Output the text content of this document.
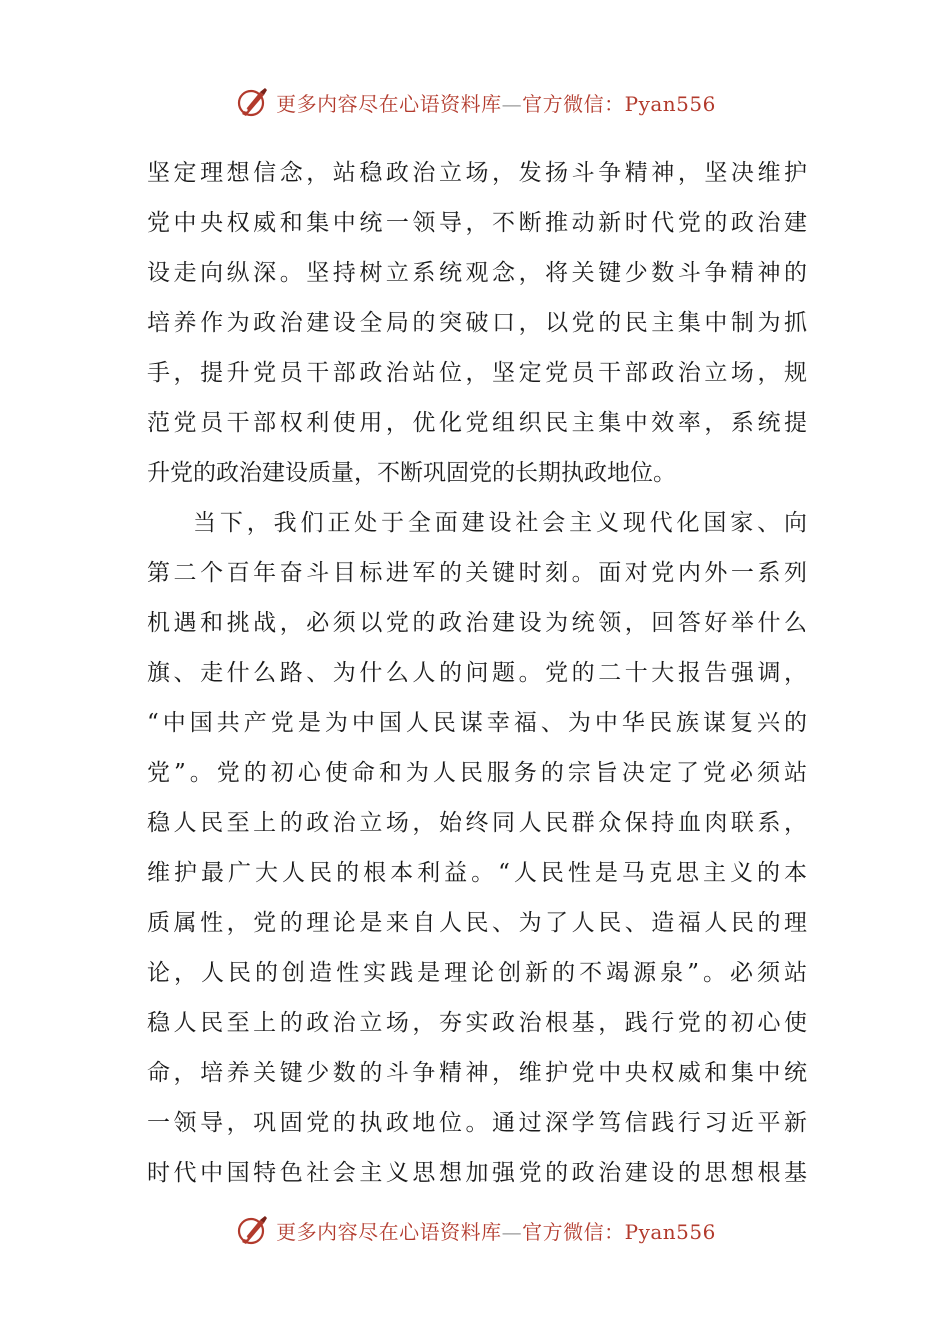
更多内容尽在心语资料库—官方微信：Pyan556
坚定理想信念，站稳政治立场，发扬斗争精神，坚决维护
党中央权威和集中统一领导，不断推动新时代党的政治建
设走向纵深。坚持树立系统观念，将关键少数斗争精神的
培养作为政治建设全局的突破口，以党的民主集中制为抓
手，提升党员干部政治站位，坚定党员干部政治立场，规
范党员干部权利使用，优化党组织民主集中效率，系统提
升党的政治建设质量，不断巩固党的长期执政地位。
当下，我们正处于全面建设社会主义现代化国家、向
第二个百年奋斗目标进军的关键时刻。面对党内外一系列
机遇和挑战，必须以党的政治建设为统领，回答好举什么
旗、走什么路、为什么人的问题。党的二十大报告强调，
“中国共产党是为中国人民谋幸福、为中华民族谋复兴的
党”。党的初心使命和为人民服务的宗旨决定了党必须站
稳人民至上的政治立场，始终同人民群众保持血肉联系，
维护最广大人民的根本利益。“人民性是马克思主义的本
质属性，党的理论是来自人民、为了人民、造福人民的理
论，人民的创造性实践是理论创新的不竭源泉”。必须站
稳人民至上的政治立场，夯实政治根基，践行党的初心使
命，培养关键少数的斗争精神，维护党中央权威和集中统
一领导，巩固党的执政地位。通过深学笃信践行习近平新
时代中国特色社会主义思想加强党的政治建设的思想根基
更多内容尽在心语资料库—官方微信：Pyan556
